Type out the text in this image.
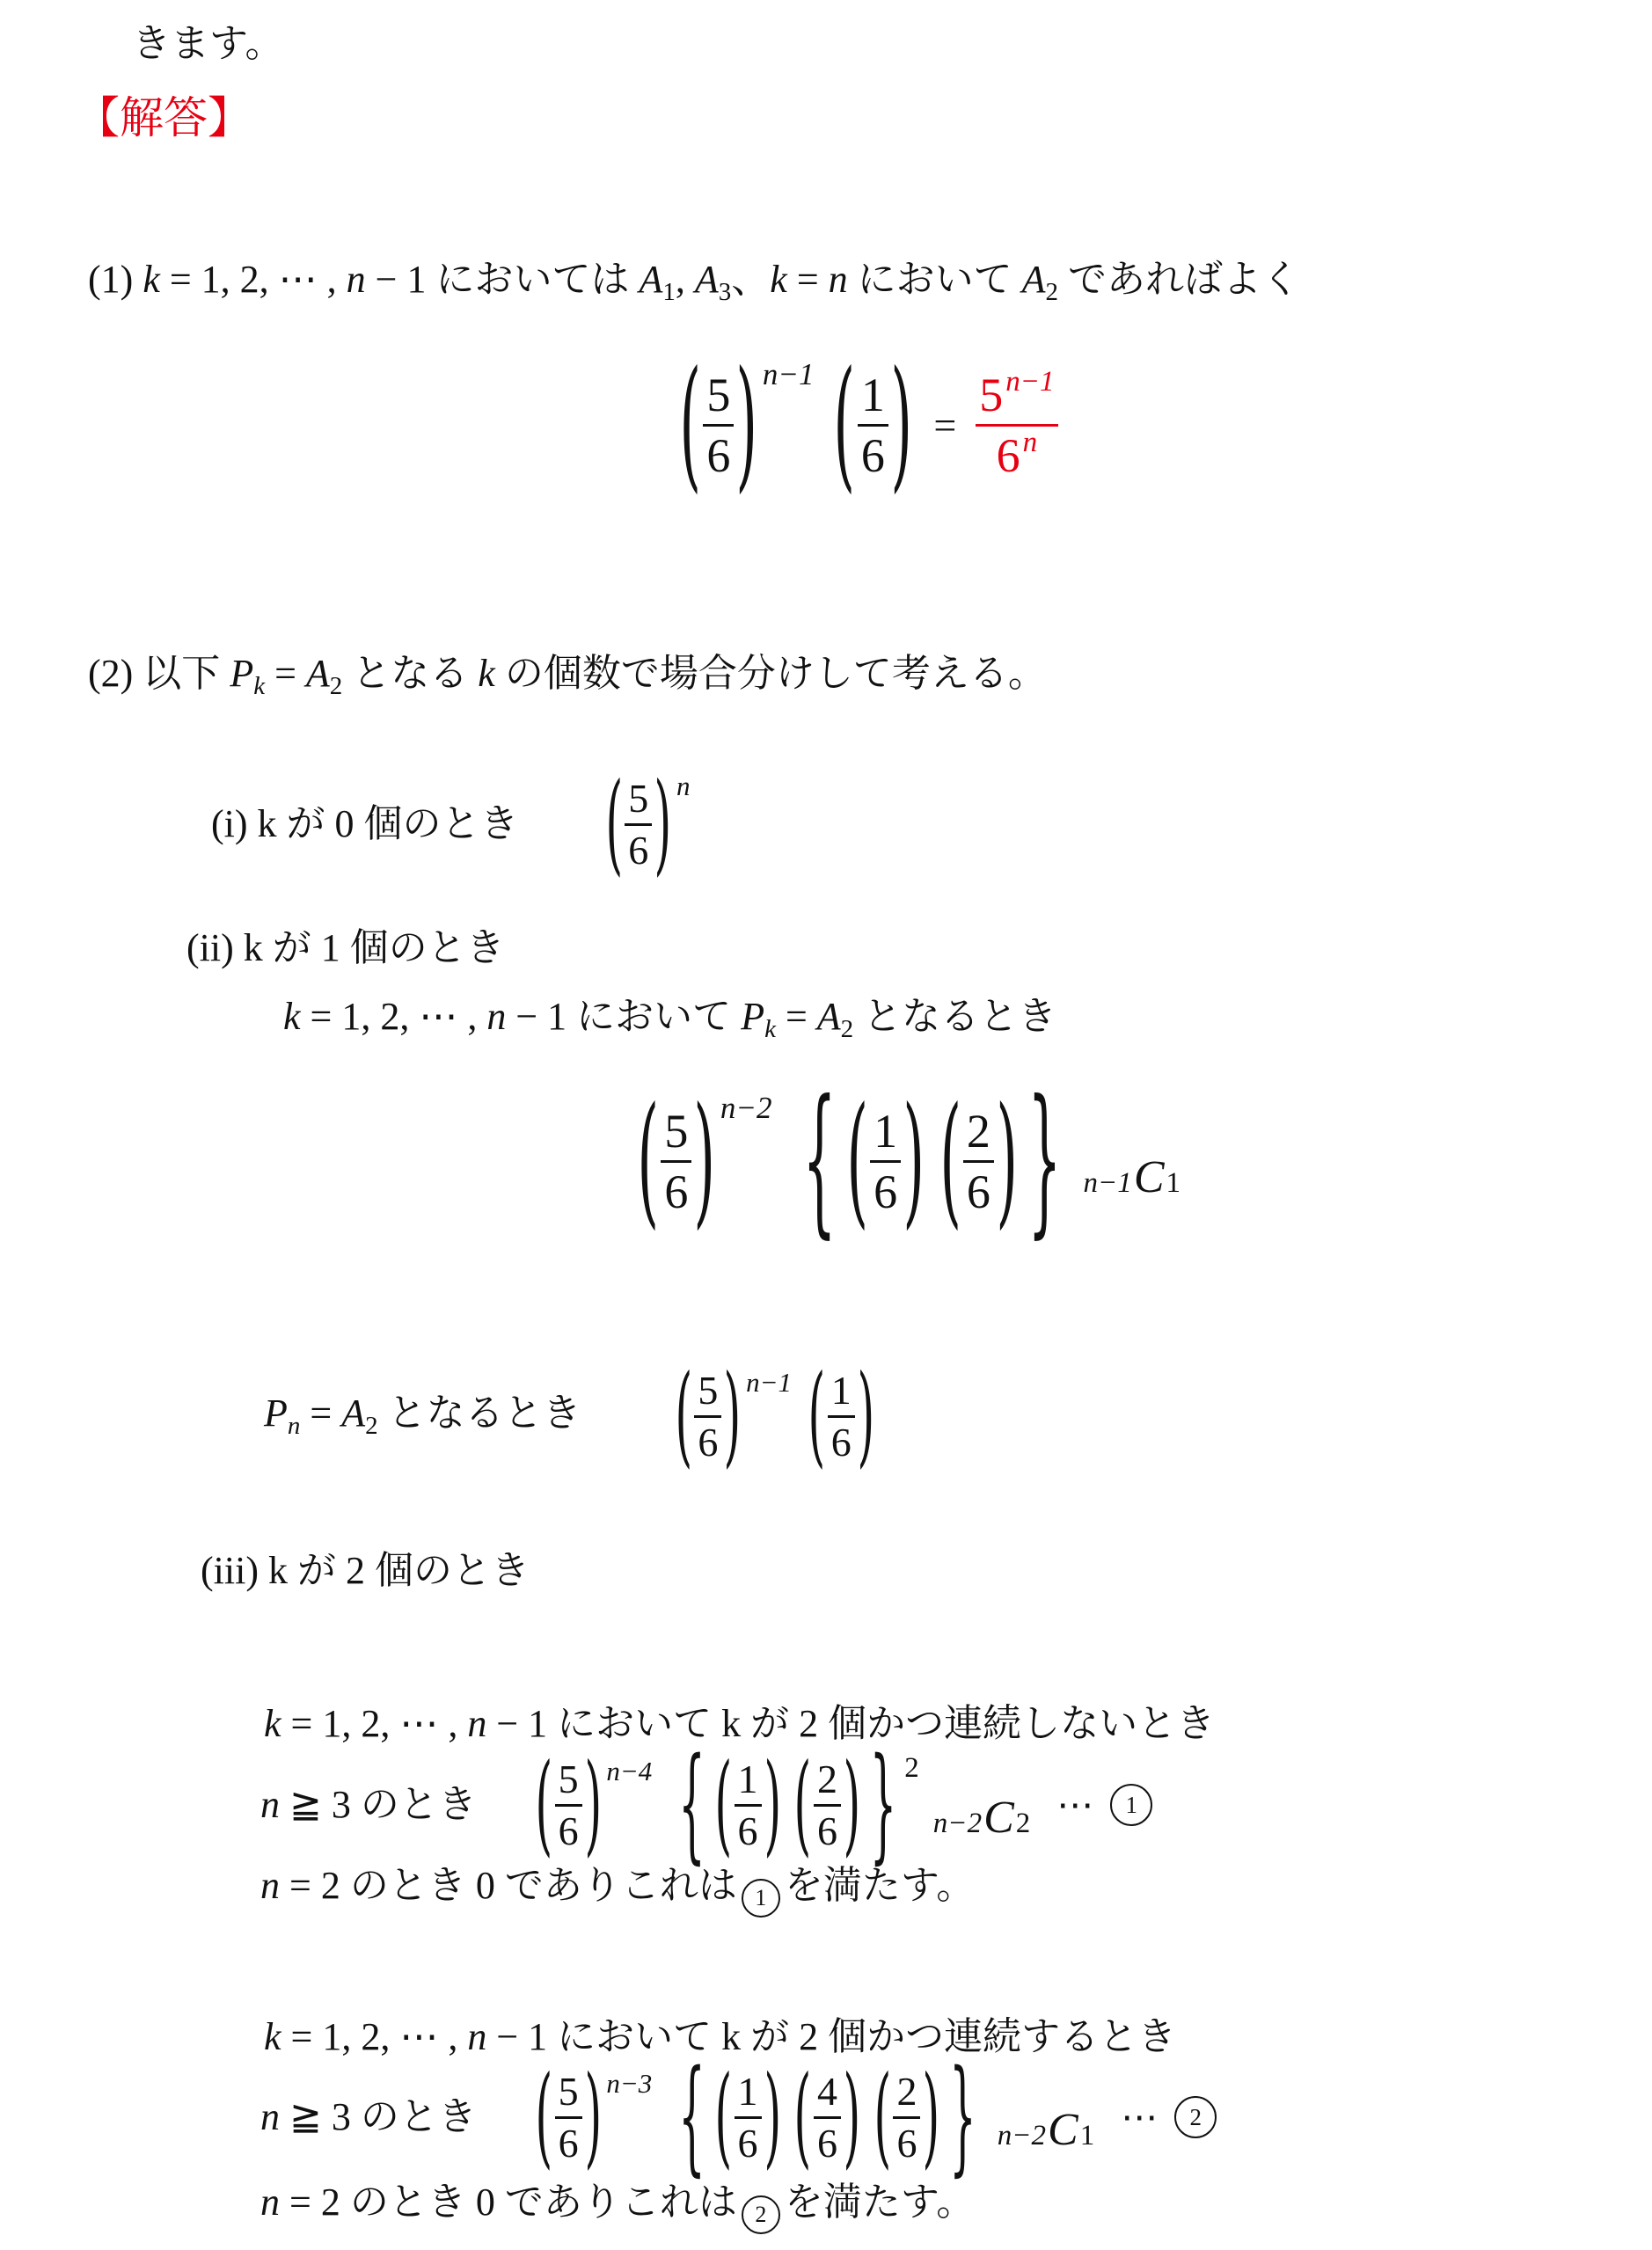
きます。
【解答】
(1) k = 1, 2, ⋯ , n − 1 においては $A_1$, $A_3$、k = n において $A_2$ であればよく
( $\frac{5}{6}$ ) n−1 ( $\frac{1}{6}$ ) = $\frac{5 n-1}{6 n}$
(2) 以下 $P_k = A_2$ となる k の個数で場合分けして考える。
(i) k が 0 個のとき ( $\frac{5}{6}$ ) n
(ii) k が 1 個のとき
k = 1, 2, ⋯ , n − 1 において $P_k = A_2$ となるとき
( $\frac{5}{6}$ ) n−2 { ( $\frac{1}{6}$ ) ( $\frac{2}{6}$ ) } n−1 C 1
$P_n = A_2$ となるとき ( $\frac{5}{6}$ ) n−1 ( $\frac{1}{6}$ )
(iii) k が 2 個のとき
k = 1, 2, ⋯ , n − 1 において k が 2 個かつ連続しないとき
n ≧ 3 のとき ( $\frac{5}{6}$ ) n−4 { ( $\frac{1}{6}$ ) ( $\frac{2}{6}$ ) } 2
n−2 C 2 ⋯ 1
n = 2 のとき 0 でありこれは 1 を満たす。
k = 1, 2, ⋯ , n − 1 において k が 2 個かつ連続するとき
n ≧ 3 のとき ( $\frac{5}{6}$ ) n−3 { ( $\frac{1}{6}$ ) ( $\frac{4}{6}$ ) ( $\frac{2}{6}$ ) } n−2 C 1 ⋯ 2
n = 2 のとき 0 でありこれは 2 を満たす。
